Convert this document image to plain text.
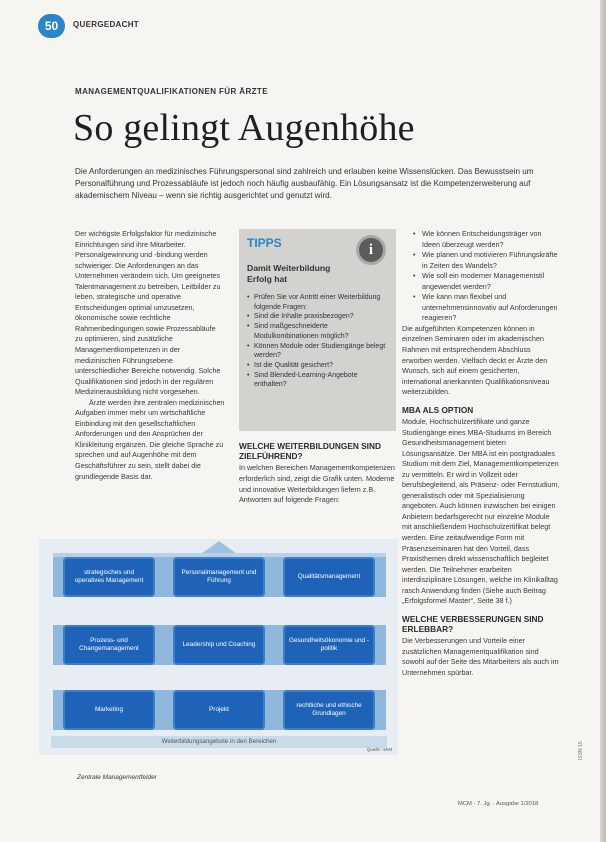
50	QUERGEDACHT
MANAGEMENTQUALIFIKATIONEN FÜR ÄRZTE
So gelingt Augenhöhe
Die Anforderungen an medizinisches Führungspersonal sind zahlreich und erlauben keine Wissenslücken. Das Bewusstsein um Personalführung und Prozessabläufe ist jedoch noch häufig ausbaufähig. Ein Lösungsansatz ist die Kompetenzerweiterung auf akademischem Niveau – wenn sie richtig ausgerichtet und genutzt wird.

Der wichtigste Erfolgsfaktor für medizinische Einrichtungen sind ihre Mitarbeiter. Personalgewinnung und -bindung werden schwieriger. Die Anforderungen an das Unternehmen verändern sich. Um geeignetes Talentmanagement zu betreiben, Leitbilder zu leben, strategische und operative Entscheidungen optimal umzusetzen, ökonomische sowie rechtliche Rahmenbedingungen sowie Prozessabläufe zu optimieren, sind zusätzliche Managementkompetenzen in der medizinischen Führungsebene unterschiedlicher Bereiche notwendig. Solche Qualifikationen sind jedoch in der regulären Medizinerausbildung nicht vorgesehen.

Ärzte werden ihre zentralen medizinischen Aufgaben immer mehr um wirtschaftliche Einbindung mit den gesellschaftlichen Anforderungen und den Ansprüchen der Klinikleitung ergänzen. Die gleiche Sprache zu sprechen und auf Augenhöhe mit dem Geschäftsführer zu sein, stellt dabei die grundlegende Basis dar.

TIPPS	i
Damit Weiterbildung Erfolg hat
• Prüfen Sie vor Antritt einer Weiterbildung folgende Fragen:
• Sind die Inhalte praxisbezogen?
• Sind maßgeschneiderte Modulkombinationen möglich?
• Können Module oder Studiengänge belegt werden?
• Ist die Qualität gesichert?
• Sind Blended-Learning-Angebote enthalten?
WELCHE WEITERBILDUNGEN SIND ZIELFÜHREND?

In welchen Bereichen Managementkompetenzen erforderlich sind, zeigt die Grafik unten. Moderne und innovative Weiterbildungen liefern z.B. Antworten auf folgende Fragen:

• Wie können Entscheidungsträger von Ideen überzeugt werden?
• Wie planen und motivieren Führungskräfte in Zeiten des Wandels?
• Wie soll ein moderner Managementstil angewendet werden?
• Wie kann man flexibel und unternehmensinnovativ auf Anforderungen reagieren?

Die aufgeführten Kompetenzen können in einzelnen Seminaren oder im akademischen Rahmen mit entsprechendem Abschluss erworben werden. Vielfach deckt er Ärzte den Wunsch, sich auf einem gesicherten, international anerkannten Qualifikationsniveau weiterzubilden.

MBA ALS OPTION

Module, Hochschulzertifikate und ganze Studiengänge eines MBA-Studiums im Bereich Gesundheitsmanagement bieten Lösungsansätze. Der MBA ist ein postgraduales Studium mit dem Ziel, Managementkompetenzen zu vermitteln. Er wird in Vollzeit oder berufsbegleitend, als Präsenz- oder Fernstudium, generalistisch oder mit Spezialisierung angeboten. Auch können inzwischen bei einigen Anbietern bedarfsgerecht nur einzelne Module mit anschließendem Hochschulzertifikat belegt werden. Eine zeitaufwendige Form mit Präsenzseminaren hat den Vorteil, dass Praxisthemen direkt wissenschaftlich begleitet werden. Die Teilnehmer erarbeiten interdisziplinäre Lösungen, welche im Klinikalltag rasch Anwendung finden (Siehe auch Beitrag „Erfolgsformel Master“, Seite 38 f.)

WELCHE VERBESSERUNGEN SIND ERLEBBAR?

Die Verbesserungen und Vorteile einer zusätzlichen Managementqualifikation sind sowohl auf der Seite des Mitarbeiters als auch im Unternehmen spürbar.

strategisches und operatives Management
Personalmanagement und Führung
Qualitätsmanagement
Prozess- und Changemanagement
Leadership und Coaching
Gesundheitsökonomie und -politik
Marketing	Projekt
rechtliche und ethische Grundlagen
Weiterbildungsangebote in den Bereichen
Quelle: AKM
Zentrale Managementfelder
MCM · 7. Jg. · Ausgabe 1/2018
ISSN 15
